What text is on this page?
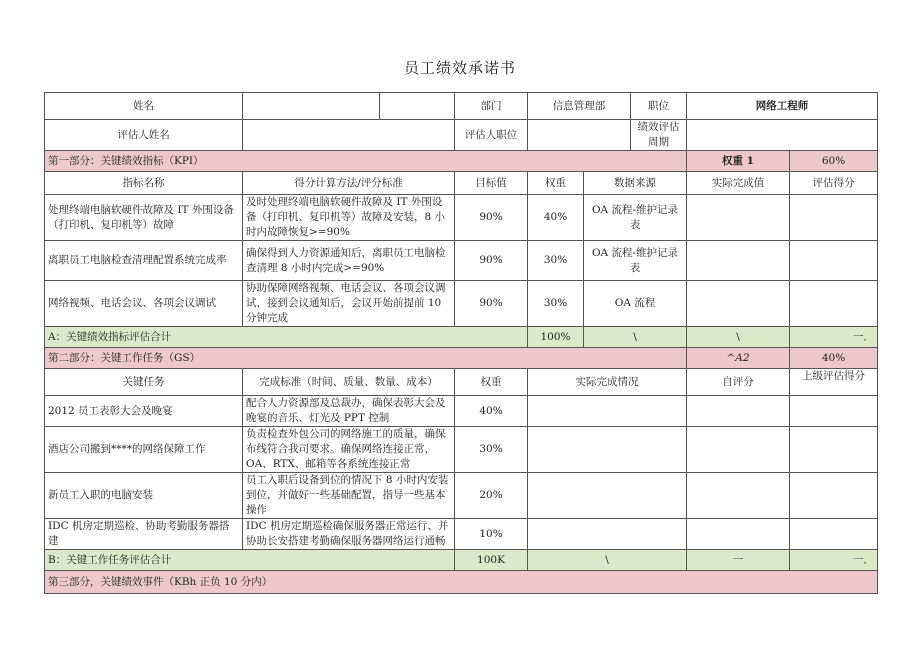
员工绩效承诺书
姓名			部门	信息管理部		职位	网络工程师	
评估人姓名			评估人职位			绩效评估周期		
第一部分：关键绩效指标（KPI）							权重 1	60%
指标名称	得分计算方法/评分标准		目标值	权重	数据来源		实际完成值	评估得分
处理终端电脑软硬件故障及 IT 外围设备（打印机、复印机等）故障	及时处理终端电脑软硬件故障及 IT 外围设备（打印机、复印机等）故障及安装，8 小时内故障恢复>=90%		90%	40%	OA 流程-维护记录表			
离职员工电脑检查清理配置系统完成率	确保得到人力资源通知后，离职员工电脑检查清理 8 小时内完成>=90%		90%	30%	OA 流程-维护记录表			
网络视频、电话会议、各项会议调试	协助保障网络视频、电话会议、各项会议调试，接到会议通知后，会议开始前提前 10 分钟完成		90%	30%	OA 流程			
A：关键绩效指标评估合计				100%	\		\	一．
第二部分：关键工作任务（GS）							^A2	40%
关键任务	完成标准（时间、质量、数量、成本）		权重	实际完成情况			自评分	上级评估得分
2012 员工表彰大会及晚宴	配合人力资源部及总裁办，确保表彰大会及晚宴的音乐、灯光及 PPT 控制		40%					
酒店公司搬到****的网络保障工作	负责检查外包公司的网络施工的质量，确保布线符合我司要求。确保网络连接正常，OA、RTX、邮箱等各系统连接正常		30%					
新员工入职的电脑安装	员工入职后设备到位的情况下 8 小时内安装到位，并做好一些基础配置，指导一些基本操作		20%					
IDC 机房定期巡检、协助考勤服务器搭建	IDC 机房定期巡检确保服务器正常运行、并协助长安搭建考勤确保服务器网络运行通畅		10%					
B：关键工作任务评估合计			100K	\			一	一．
第三部分，关键绩效事件（KBh 正负 10 分内）								
